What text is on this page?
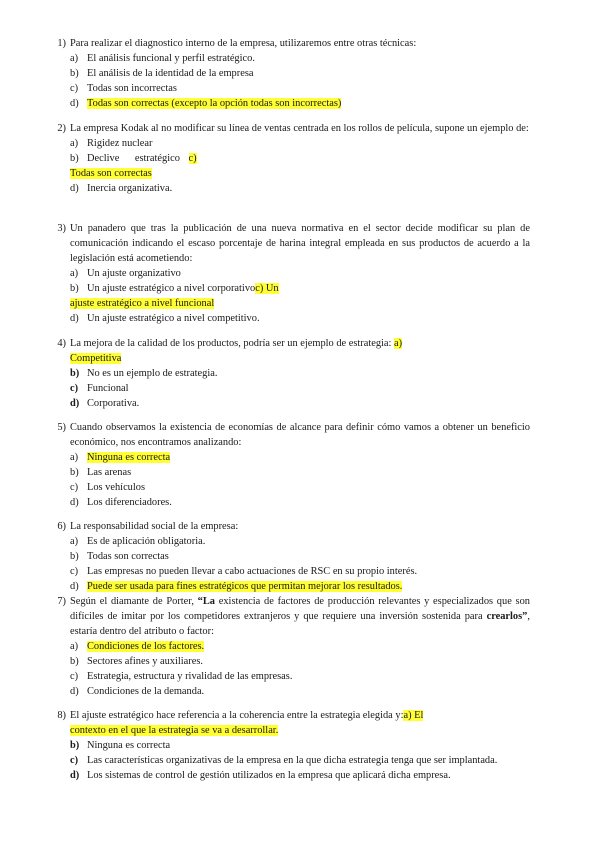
1) Para realizar el diagnostico interno de la empresa, utilizaremos entre otras técnicas:
a) El análisis funcional y perfil estratégico.
b) El análisis de la identidad de la empresa
c) Todas son incorrectas
d) Todas son correctas (excepto la opción todas son incorrectas)
2) La empresa Kodak al no modificar su línea de ventas centrada en los rollos de película, supone un ejemplo de:
a) Rigidez nuclear
b) Declive      estratégico c)
Todas son correctas
d) Inercia organizativa.
3) Un panadero que tras la publicación de una nueva normativa en el sector decide modificar su plan de comunicación indicando el escaso porcentaje de harina integral empleada en sus productos de acuerdo a la legislación está acometiendo:
a) Un ajuste organizativo
b) Un ajuste estratégico a nivel corporativoc) Un
ajuste estratégico a nivel funcional
d) Un ajuste estratégico a nivel competitivo.
4) La mejora de la calidad de los productos, podría ser un ejemplo de estrategia: a)
Competitiva
b) No es un ejemplo de estrategia.
c) Funcional
d) Corporativa.
5) Cuando observamos la existencia de economías de alcance para definir cómo vamos a obtener un beneficio económico, nos encontramos analizando:
a) Ninguna es correcta
b) Las arenas
c) Los vehículos
d) Los diferenciadores.
6) La responsabilidad social de la empresa:
a) Es de aplicación obligatoria.
b) Todas son correctas
c) Las empresas no pueden llevar a cabo actuaciones de RSC en su propio interés.
d) Puede ser usada para fines estratégicos que permitan mejorar los resultados.
7) Según el diamante de Porter, “La existencia de factores de producción relevantes y especializados que son difíciles de imitar por los competidores extranjeros y que requiere una inversión sostenida para crearlos”, estaría dentro del atributo o factor:
a) Condiciones de los factores.
b) Sectores afines y auxiliares.
c) Estrategia, estructura y rivalidad de las empresas.
d) Condiciones de la demanda.
8) El ajuste estratégico hace referencia a la coherencia entre la estrategia elegida y:a) El
contexto en el que la estrategia se va a desarrollar.
b) Ninguna es correcta
c) Las características organizativas de la empresa en la que dicha estrategia tenga que ser implantada.
d) Los sistemas de control de gestión utilizados en la empresa que aplicará dicha empresa.
